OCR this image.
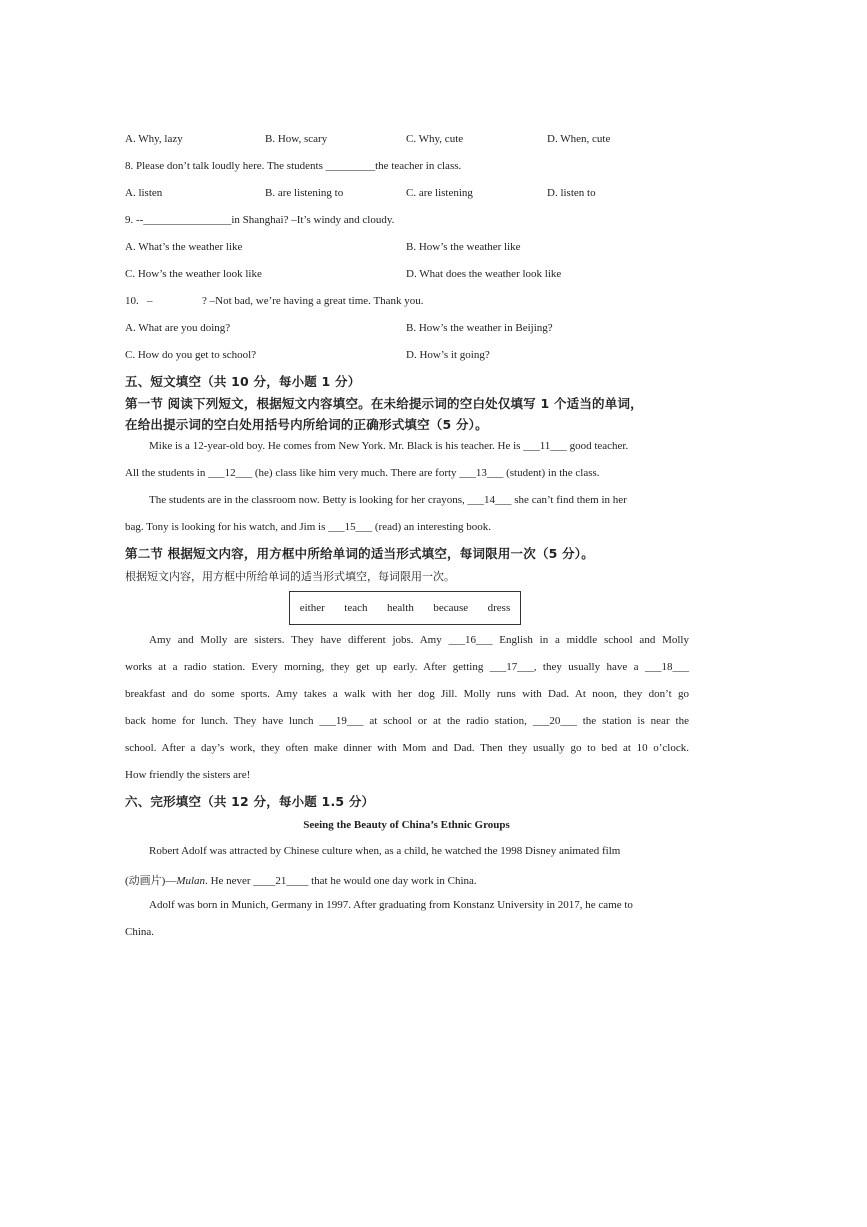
A. Why, lazy	B. How, scary	C. Why, cute	D. When, cute
8. Please don’t talk loudly here. The students _________the teacher in class.
A. listen	B. are listening to	C. are listening	D. listen to
9. --________________in Shanghai? –It’s windy and cloudy.
A. What’s the weather like	B. How’s the weather like
C. How’s the weather look like	D. What does the weather look like
10.   –                  ? –Not bad, we’re having a great time. Thank you.
A. What are you doing?	B. How’s the weather in Beijing?
C. How do you get to school?	D. How’s it going?
五、短文填空（共 10 分，每小题 1 分）
第一节 阅读下列短文，根据短文内容填空。在未给提示词的空白处仅填写 1 个适当的单词，
在给出提示词的空白处用括号内所给词的正确形式填空（5 分）。
Mike is a 12-year-old boy. He comes from New York. Mr. Black is his teacher. He is ___11___ good teacher.
All the students in ___12___ (he) class like him very much. There are forty ___13___ (student) in the class.
The students are in the classroom now. Betty is looking for her crayons, ___14___ she can’t find them in her
bag. Tony is looking for his watch, and Jim is ___15___ (read) an interesting book.
第二节 根据短文内容，用方框中所给单词的适当形式填空，每词限用一次（5 分）。
根据短文内容，用方框中所给单词的适当形式填空，每词限用一次。
either teach health because dress
Amy and Molly are sisters. They have different jobs. Amy ___16___ English in a middle school and Molly
works at a radio station. Every morning, they get up early. After getting ___17___, they usually have a ___18___
breakfast and do some sports. Amy takes a walk with her dog Jill. Molly runs with Dad. At noon, they don’t go
back home for lunch. They have lunch ___19___ at school or at the radio station, ___20___ the station is near the
school. After a day’s work, they often make dinner with Mom and Dad. Then they usually go to bed at 10 o’clock.
How friendly the sisters are!
六、完形填空（共 12 分，每小题 1.5 分）
Seeing the Beauty of China’s Ethnic Groups
Robert Adolf was attracted by Chinese culture when, as a child, he watched the 1998 Disney animated film
(动画片)—Mulan. He never ____21____ that he would one day work in China.
Adolf was born in Munich, Germany in 1997. After graduating from Konstanz University in 2017, he came to
China.
